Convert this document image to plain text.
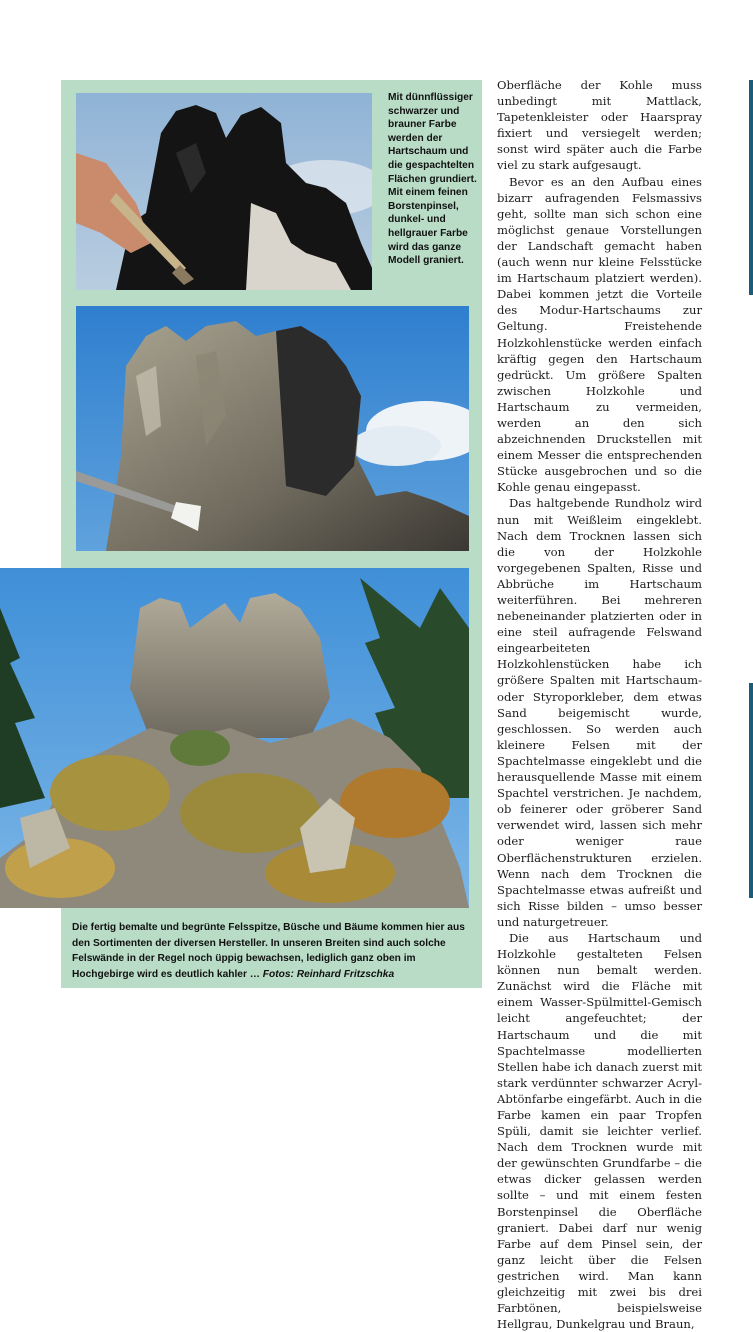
Mit dünnflüssiger schwarzer und brauner Farbe werden der Hartschaum und die gespachtelten Flächen grundiert.

Mit einem feinen Borstenpinsel, dunkel- und hellgrauer Farbe wird das ganze Modell graniert.

Die fertig bemalte und begrünte Felsspitze, Büsche und Bäume kommen hier aus den Sortimenten der diversen Hersteller. In unseren Breiten sind auch solche Felswände in der Regel noch üppig bewachsen, lediglich ganz oben im Hochgebirge wird es deutlich kahler … Fotos: Reinhard Fritzschka

Oberfläche der Kohle muss unbedingt mit Mattlack, Tapetenkleister oder Haarspray fixiert und versiegelt werden; sonst wird später auch die Farbe viel zu stark aufgesaugt.

Bevor es an den Aufbau eines bizarr aufragenden Felsmassivs geht, sollte man sich schon eine möglichst genaue Vorstellungen der Landschaft gemacht haben (auch wenn nur kleine Felsstücke im Hartschaum platziert werden). Dabei kommen jetzt die Vorteile des Modur-Hartschaums zur Geltung. Freistehende Holzkohlenstücke werden einfach kräftig gegen den Hartschaum gedrückt. Um größere Spalten zwischen Holzkohle und Hartschaum zu vermeiden, werden an den sich abzeichnenden Druckstellen mit einem Messer die entsprechenden Stücke ausgebrochen und so die Kohle genau eingepasst.

Das haltgebende Rundholz wird nun mit Weißleim eingeklebt. Nach dem Trocknen lassen sich die von der Holzkohle vorgegebenen Spalten, Risse und Abbrüche im Hartschaum weiterführen. Bei mehreren nebeneinander platzierten oder in eine steil aufragende Felswand eingearbeiteten Holzkohlenstücken habe ich größere Spalten mit Hartschaum- oder Styroporkleber, dem etwas Sand beigemischt wurde, geschlossen. So werden auch kleinere Felsen mit der Spachtelmasse eingeklebt und die herausquellende Masse mit einem Spachtel verstrichen. Je nachdem, ob feinerer oder gröberer Sand verwendet wird, lassen sich mehr oder weniger raue Oberflächenstrukturen erzielen. Wenn nach dem Trocknen die Spachtelmasse etwas aufreißt und sich Risse bilden – umso besser und naturgetreuer.

Die aus Hartschaum und Holzkohle gestalteten Felsen können nun bemalt werden. Zunächst wird die Fläche mit einem Wasser-Spülmittel-Gemisch leicht angefeuchtet; der Hartschaum und die mit Spachtelmasse modellierten Stellen habe ich danach zuerst mit stark verdünnter schwarzer Acryl-Abtönfarbe eingefärbt. Auch in die Farbe kamen ein paar Tropfen Spüli, damit sie leichter verlief. Nach dem Trocknen wurde mit der gewünschten Grundfarbe – die etwas dicker gelassen werden sollte – und mit einem festen Borstenpinsel die Oberfläche graniert. Dabei darf nur wenig Farbe auf dem Pinsel sein, der ganz leicht über die Felsen gestrichen wird. Man kann gleichzeitig mit zwei bis drei Farbtönen, beispielsweise Hellgrau, Dunkelgrau und Braun,
